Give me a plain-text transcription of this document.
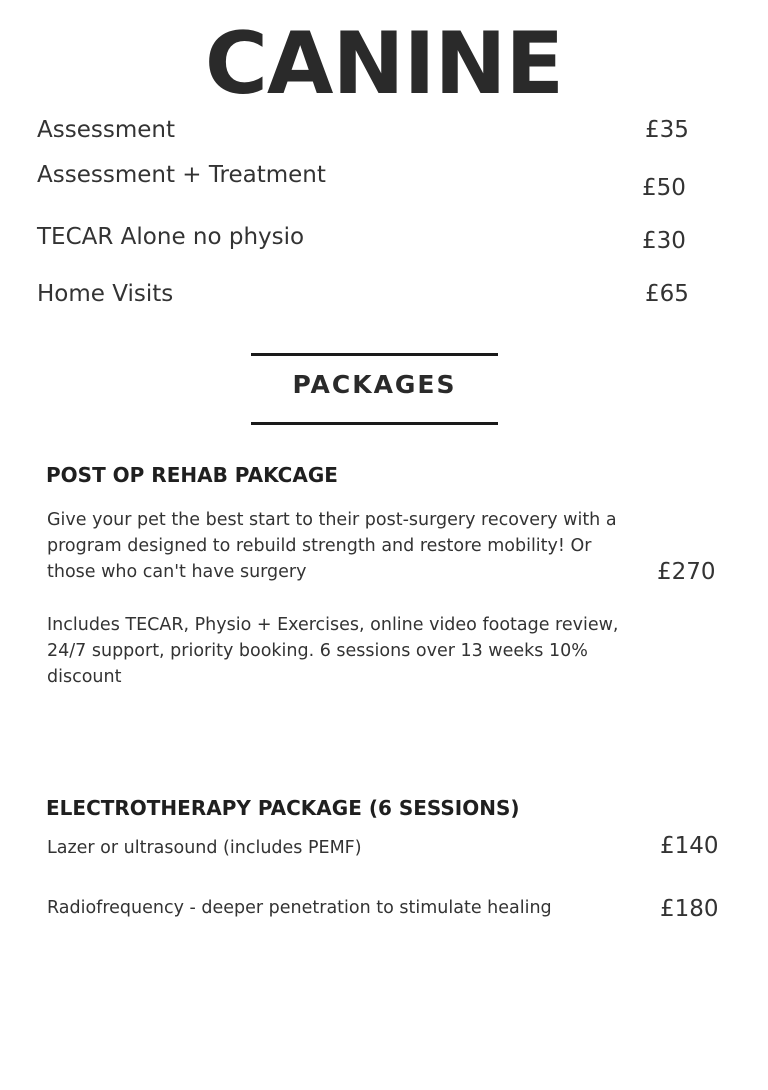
CANINE
Assessment	£35
Assessment + Treatment	£50
TECAR Alone no physio	£30
Home Visits	£65
PACKAGES
POST OP REHAB PAKCAGE
Give your pet the best start to their post-surgery recovery with a
program designed to rebuild strength and restore mobility! Or
those who can't have surgery	£270
Includes TECAR, Physio + Exercises, online video footage review,
24/7 support, priority booking. 6 sessions over 13 weeks 10%
discount
ELECTROTHERAPY PACKAGE (6 SESSIONS)
Lazer or ultrasound (includes PEMF)	£140
Radiofrequency - deeper penetration to stimulate healing	£180
